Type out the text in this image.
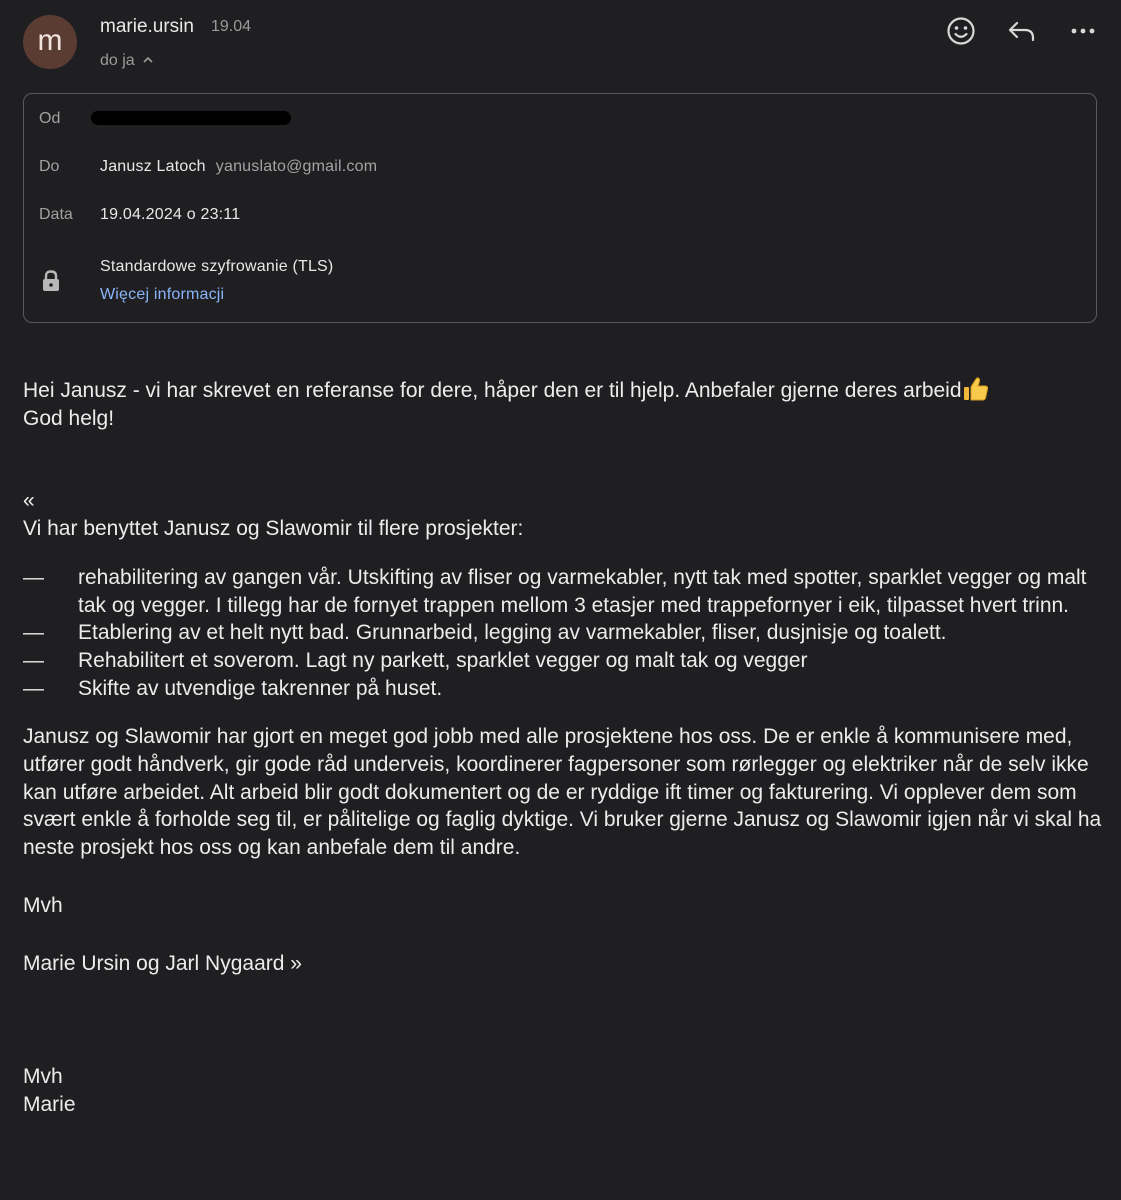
m	marie.ursin 19.04
do ja
Od
Do	Janusz Latoch yanuslato@gmail.com
Data 19.04.2024 o 23:11
Standardowe szyfrowanie (TLS)
Więcej informacji

Hei Janusz - vi har skrevet en referanse for dere, håper den er til hjelp. Anbefaler gjerne deres arbeid

God helg!

«

Vi har benyttet Janusz og Slawomir til flere prosjekter:

— rehabilitering av gangen vår. Utskifting av fliser og varmekabler, nytt tak med spotter, sparklet vegger og malt tak og vegger. I tillegg har de fornyet trappen mellom 3 etasjer med trappefornyer i eik, tilpasset hvert trinn.
— Etablering av et helt nytt bad. Grunnarbeid, legging av varmekabler, fliser, dusjnisje og toalett.
— Rehabilitert et soverom. Lagt ny parkett, sparklet vegger og malt tak og vegger
— Skifte av utvendige takrenner på huset.

Janusz og Slawomir har gjort en meget god jobb med alle prosjektene hos oss. De er enkle å kommunisere med, utfører godt håndverk, gir gode råd underveis, koordinerer fagpersoner som rørlegger og elektriker når de selv ikke kan utføre arbeidet. Alt arbeid blir godt dokumentert og de er ryddige ift timer og fakturering. Vi opplever dem som svært enkle å forholde seg til, er pålitelige og faglig dyktige. Vi bruker gjerne Janusz og Slawomir igjen når vi skal ha neste prosjekt hos oss og kan anbefale dem til andre.

Mvh

Marie Ursin og Jarl Nygaard »

Mvh

Marie
